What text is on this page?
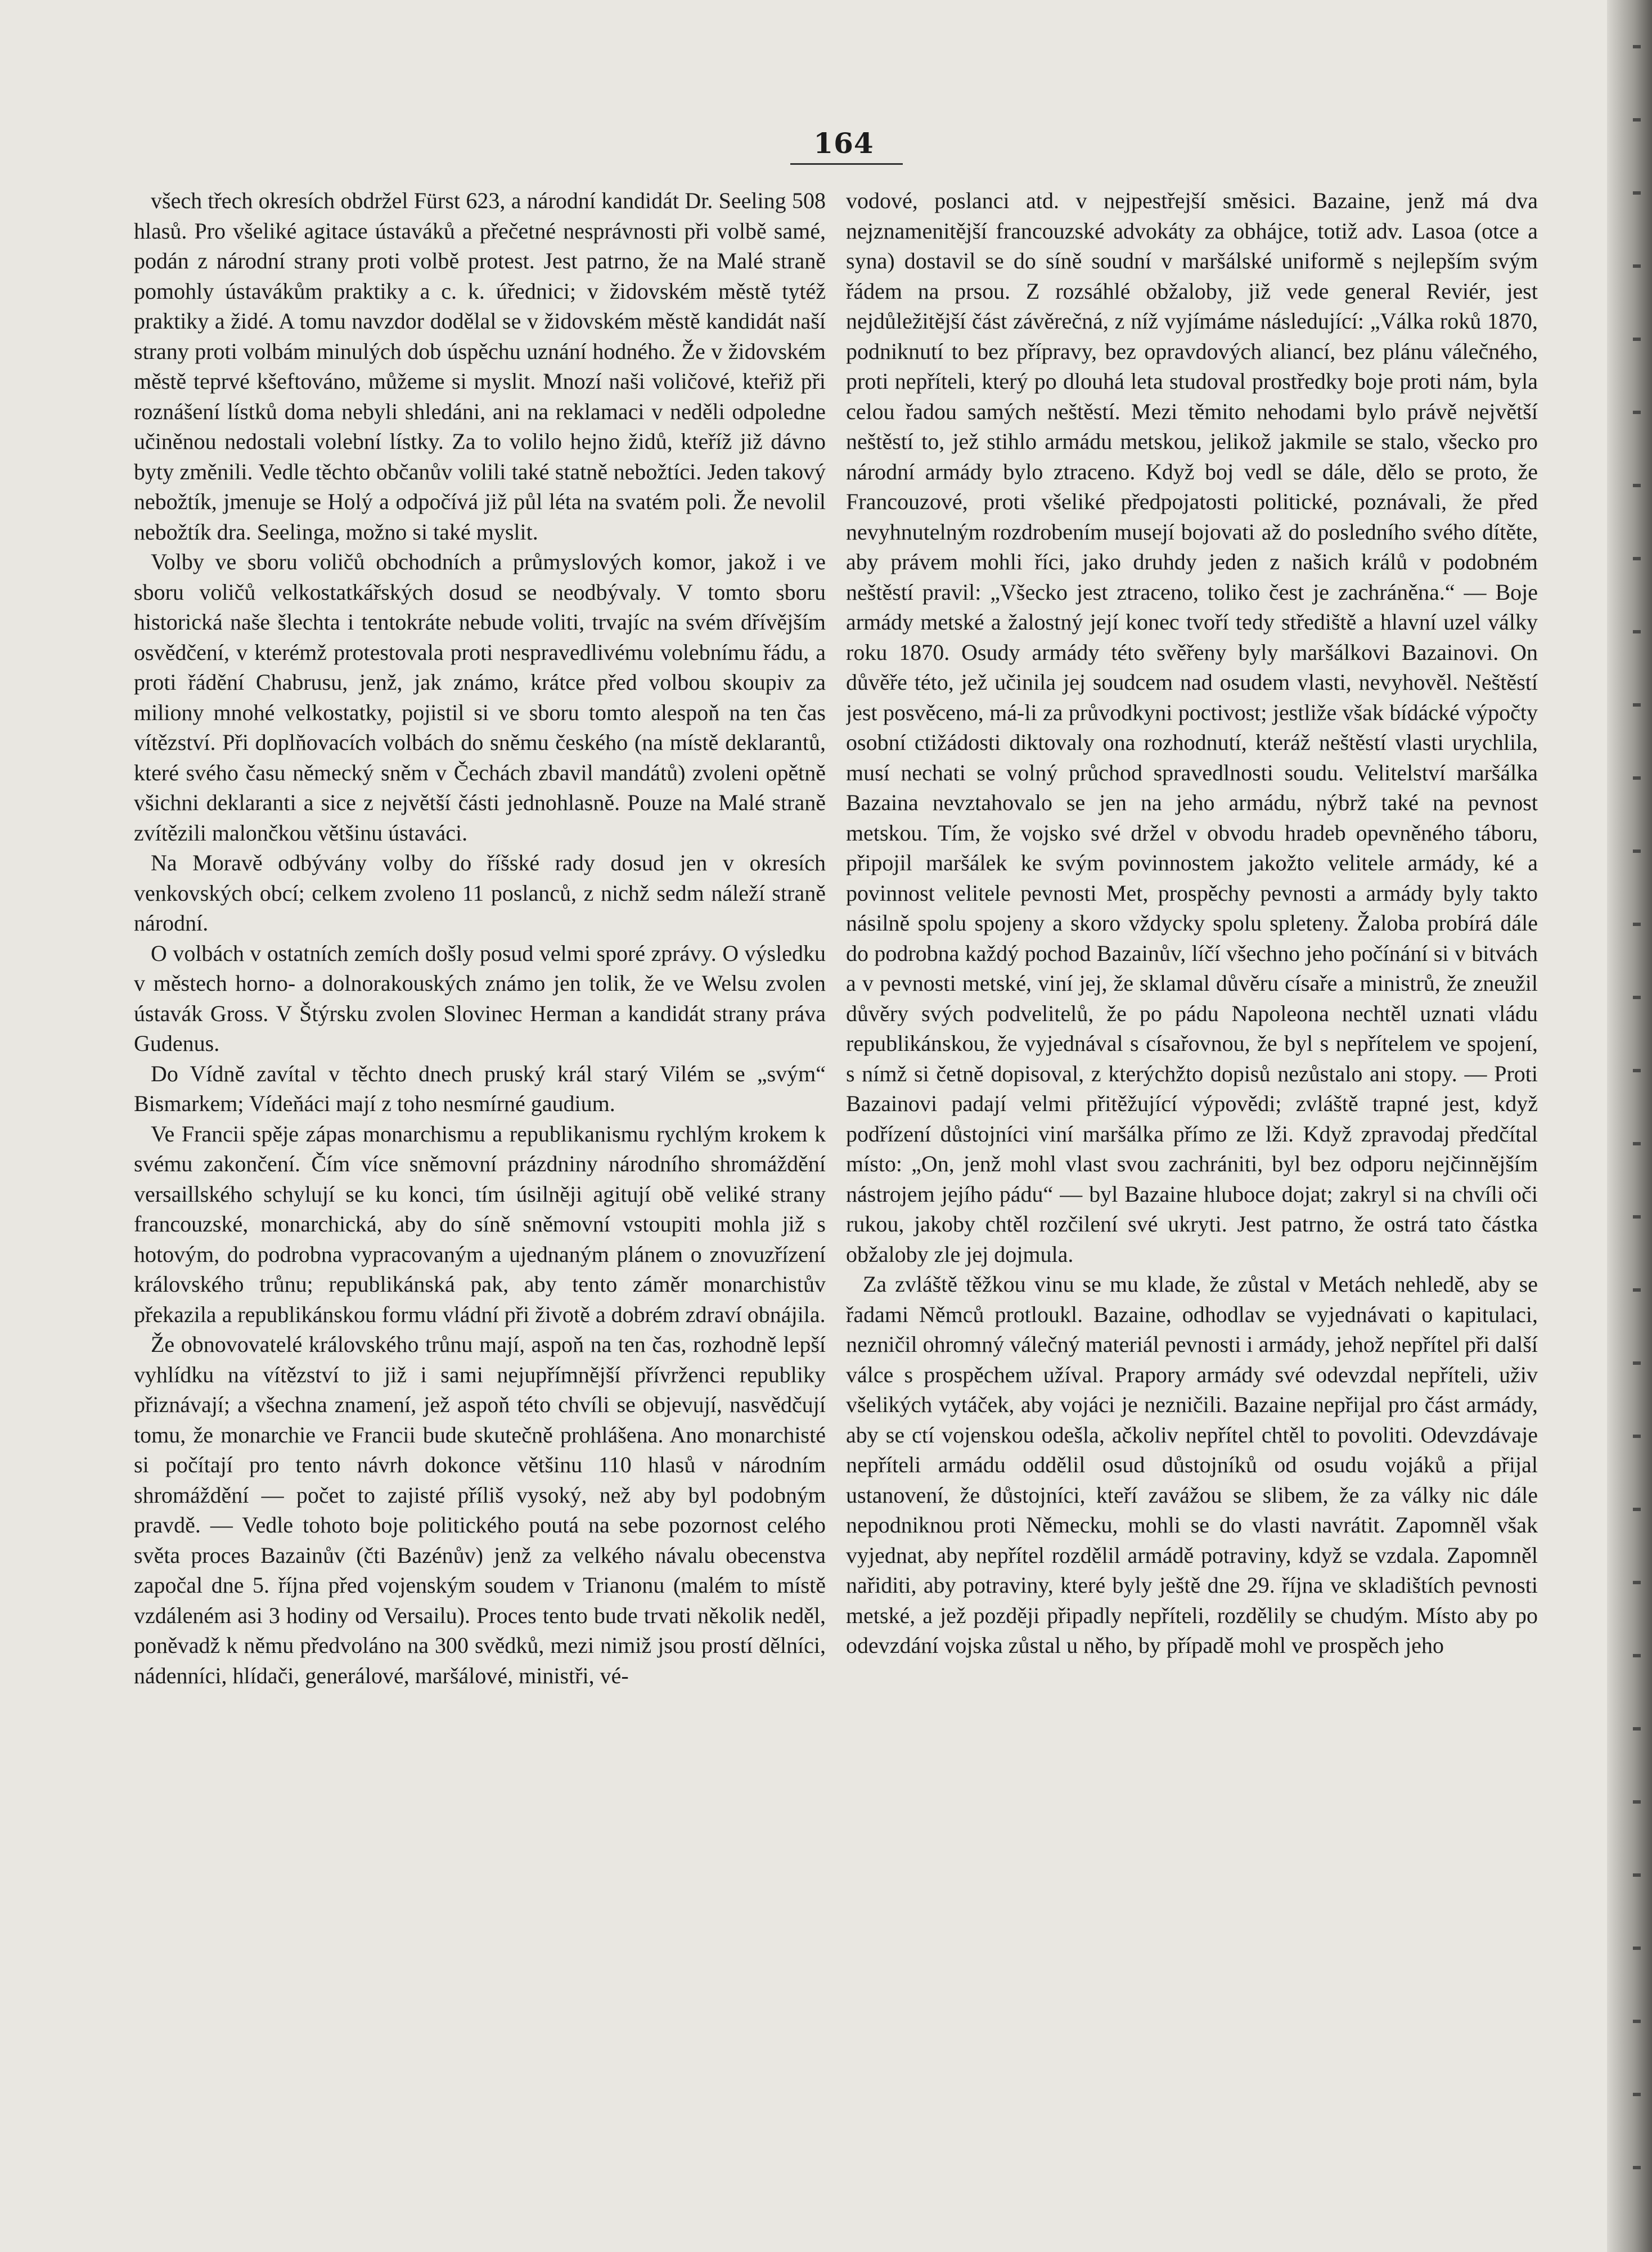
164

všech třech okresích obdržel Fürst 623, a národní kandidát Dr. Seeling 508 hlasů. Pro všeliké agitace ústaváků a přečetné nesprávnosti při volbě samé, podán z národní strany proti volbě protest. Jest patrno, že na Malé straně pomohly ústavákům praktiky a c. k. úřednici; v židovském městě tytéž praktiky a židé. A tomu navzdor dodělal se v židovském městě kandidát naší strany proti volbám minulých dob úspěchu uznání hodného. Že v židovském městě teprvé kšeftováno, můžeme si myslit. Mnozí naši voličové, kteřiž při roznášení lístků doma nebyli shledáni, ani na reklamaci v neděli odpoledne učiněnou nedostali volební lístky. Za to volilo hejno židů, kteříž již dávno byty změnili. Vedle těchto občanův volili také statně nebožtíci. Jeden takový nebožtík, jmenuje se Holý a odpočívá již půl léta na svatém poli. Že nevolil nebožtík dra. Seelinga, možno si také myslit.

Volby ve sboru voličů obchodních a průmyslových komor, jakož i ve sboru voličů velkostatkářských dosud se neodbývaly. V tomto sboru historická naše šlechta i tentokráte nebude voliti, trvajíc na svém dřívějším osvědčení, v kterémž protestovala proti nespravedlivému volebnímu řádu, a proti řádění Chabrusu, jenž, jak známo, krátce před volbou skoupiv za miliony mnohé velkostatky, pojistil si ve sboru tomto alespoň na ten čas vítězství. Při doplňovacích volbách do sněmu českého (na místě deklarantů, které svého času německý sněm v Čechách zbavil mandátů) zvoleni opětně všichni deklaranti a sice z největší části jednohlasně. Pouze na Malé straně zvítězili malončkou většinu ústaváci.

Na Moravě odbývány volby do říšské rady dosud jen v okresích venkovských obcí; celkem zvoleno 11 poslanců, z nichž sedm náleží straně národní.

O volbách v ostatních zemích došly posud velmi sporé zprávy. O výsledku v městech horno- a dolnorakouských známo jen tolik, že ve Welsu zvolen ústavák Gross. V Štýrsku zvolen Slovinec Herman a kandidát strany práva Gudenus.

Do Vídně zavítal v těchto dnech pruský král starý Vilém se „svým“ Bismarkem; Vídeňáci mají z toho nesmírné gaudium.

Ve Francii spěje zápas monarchismu a republikanismu rychlým krokem k svému zakončení. Čím více sněmovní prázdniny národního shromáždění versaillského schylují se ku konci, tím úsilněji agitují obě veliké strany francouzské, monarchická, aby do síně sněmovní vstoupiti mohla již s hotovým, do podrobna vypracovaným a ujednaným plánem o znovuzřízení královského trůnu; republikánská pak, aby tento záměr monarchistův překazila a republikánskou formu vládní při životě a dobrém zdraví obnájila.

Že obnovovatelé královského trůnu mají, aspoň na ten čas, rozhodně lepší vyhlídku na vítězství to již i sami nejupřímnější přívrženci republiky přiznávají; a všechna znamení, jež aspoň této chvíli se objevují, nasvědčují tomu, že monarchie ve Francii bude skutečně prohlášena. Ano monarchisté si počítají pro tento návrh dokonce většinu 110 hlasů v národním shromáždění — počet to zajisté příliš vysoký, než aby byl podobným pravdě. — Vedle tohoto boje politického poutá na sebe pozornost celého světa proces Bazainův (čti Bazénův) jenž za velkého návalu obecenstva započal dne 5. října před vojenským soudem v Trianonu (malém to místě vzdáleném asi 3 hodiny od Versailu). Proces tento bude trvati několik neděl, poněvadž k němu předvoláno na 300 svědků, mezi nimiž jsou prostí dělníci, nádenníci, hlídači, generálové, maršálové, ministři, vé-

vodové, poslanci atd. v nejpestřejší směsici. Bazaine, jenž má dva nejznamenitější francouzské advokáty za obhájce, totiž adv. Lasoa (otce a syna) dostavil se do síně soudní v maršálské uniformě s nejlepším svým řádem na prsou. Z rozsáhlé obžaloby, již vede general Reviér, jest nejdůležitější část závěrečná, z níž vyjímáme následující: „Válka roků 1870, podniknutí to bez přípravy, bez opravdových aliancí, bez plánu válečného, proti nepříteli, který po dlouhá leta studoval prostředky boje proti nám, byla celou řadou samých neštěstí. Mezi těmito nehodami bylo právě největší neštěstí to, jež stihlo armádu metskou, jelikož jakmile se stalo, všecko pro národní armády bylo ztraceno. Když boj vedl se dále, dělo se proto, že Francouzové, proti všeliké předpojatosti politické, poznávali, že před nevyhnutelným rozdrobením musejí bojovati až do posledního svého dítěte, aby právem mohli říci, jako druhdy jeden z našich králů v podobném neštěstí pravil: „Všecko jest ztraceno, toliko čest je zachráněna.“ — Boje armády metské a žalostný její konec tvoří tedy střediště a hlavní uzel války roku 1870. Osudy armády této svěřeny byly maršálkovi Bazainovi. On důvěře této, jež učinila jej soudcem nad osudem vlasti, nevyhověl. Neštěstí jest posvěceno, má-li za průvodkyni poctivost; jestliže však bídácké výpočty osobní ctižádosti diktovaly ona rozhodnutí, kteráž neštěstí vlasti urychlila, musí nechati se volný průchod spravedlnosti soudu. Velitelství maršálka Bazaina nevztahovalo se jen na jeho armádu, nýbrž také na pevnost metskou. Tím, že vojsko své držel v obvodu hradeb opevněného táboru, připojil maršálek ke svým povinnostem jakožto velitele armády, ké a povinnost velitele pevnosti Met, prospěchy pevnosti a armády byly takto násilně spolu spojeny a skoro vždycky spolu spleteny. Žaloba probírá dále do podrobna každý pochod Bazainův, líčí všechno jeho počínání si v bitvách a v pevnosti metské, viní jej, že sklamal důvěru císaře a ministrů, že zneužil důvěry svých podvelitelů, že po pádu Napoleona nechtěl uznati vládu republikánskou, že vyjednával s císařovnou, že byl s nepřítelem ve spojení, s nímž si četně dopisoval, z kterýchžto dopisů nezůstalo ani stopy. — Proti Bazainovi padají velmi přitěžující výpovědi; zvláště trapné jest, když podřízení důstojníci viní maršálka přímo ze lži. Když zpravodaj předčítal místo: „On, jenž mohl vlast svou zachrániti, byl bez odporu nejčinnějším nástrojem jejího pádu“ — byl Bazaine hluboce dojat; zakryl si na chvíli oči rukou, jakoby chtěl rozčilení své ukryti. Jest patrno, že ostrá tato částka obžaloby zle jej dojmula.

Za zvláště těžkou vinu se mu klade, že zůstal v Metách nehledě, aby se řadami Němců protloukl. Bazaine, odhodlav se vyjednávati o kapitulaci, nezničil ohromný válečný materiál pevnosti i armády, jehož nepřítel při další válce s prospěchem užíval. Prapory armády své odevzdal nepříteli, uživ všelikých vytáček, aby vojáci je nezničili. Bazaine nepřijal pro část armády, aby se ctí vojenskou odešla, ačkoliv nepřítel chtěl to povoliti. Odevzdávaje nepříteli armádu oddělil osud důstojníků od osudu vojáků a přijal ustanovení, že důstojníci, kteří zavážou se slibem, že za války nic dále nepodniknou proti Německu, mohli se do vlasti navrátit. Zapomněl však vyjednat, aby nepřítel rozdělil armádě potraviny, když se vzdala. Zapomněl nařiditi, aby potraviny, které byly ještě dne 29. října ve skladištích pevnosti metské, a jež později připadly nepříteli, rozdělily se chudým. Místo aby po odevzdání vojska zůstal u něho, by případě mohl ve prospěch jeho
